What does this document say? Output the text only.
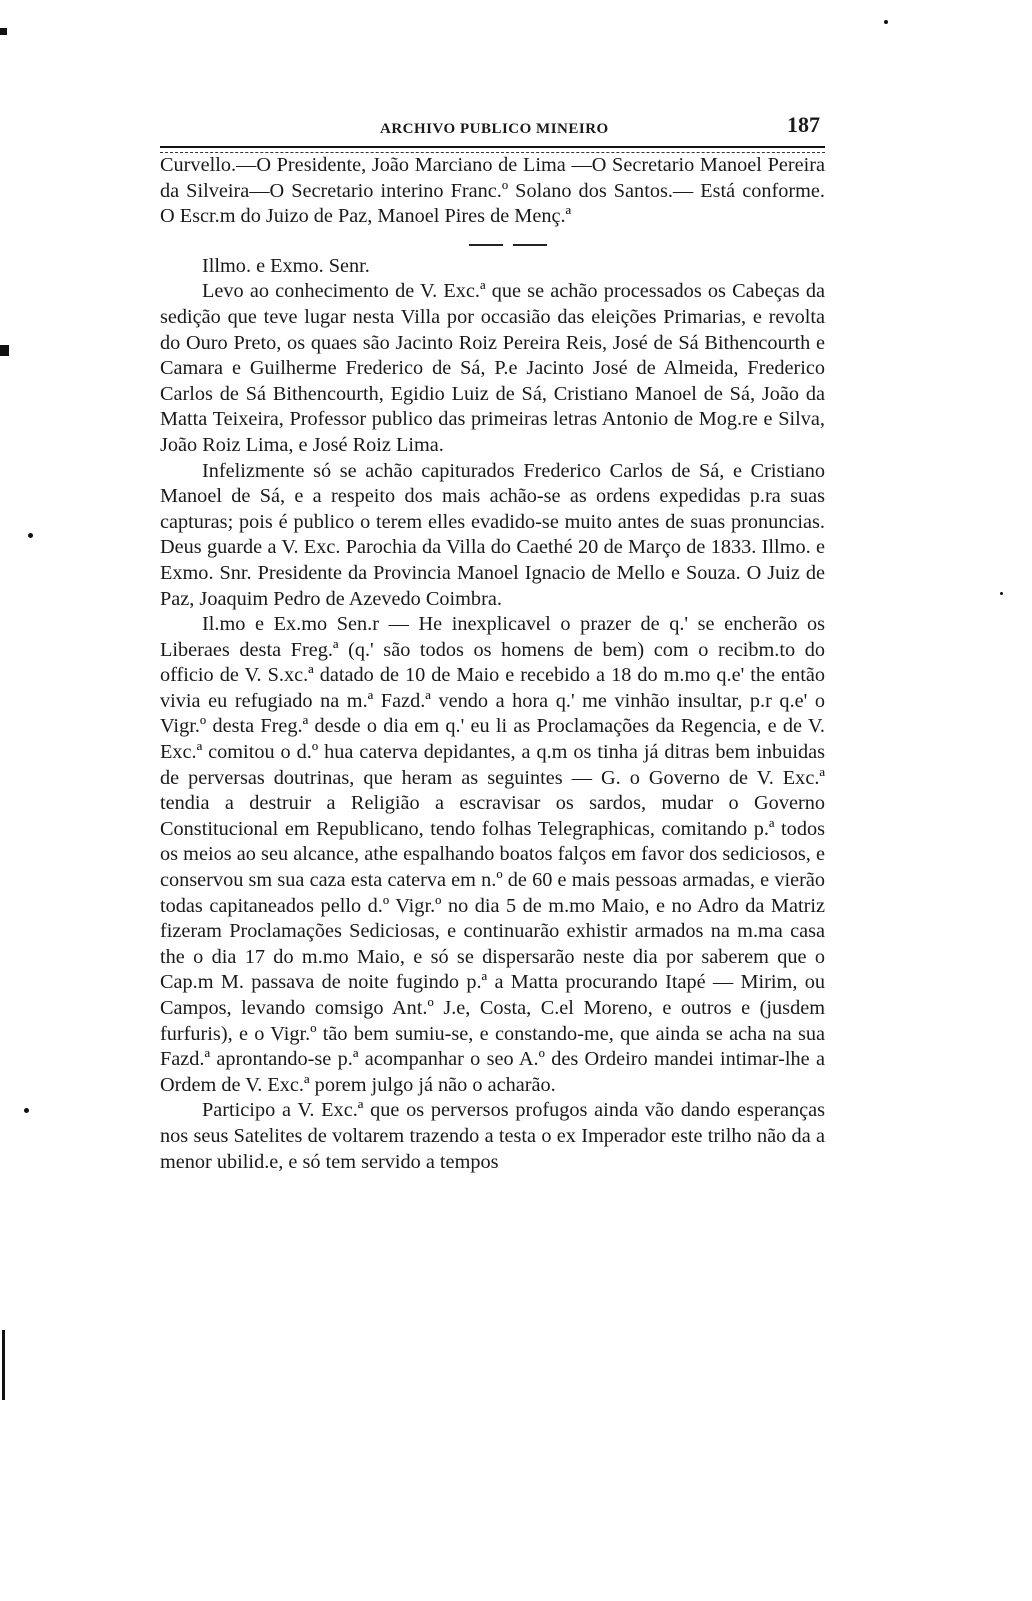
ARCHIVO PUBLICO MINEIRO	187

Curvello.—O Presidente, João Marciano de Lima —O Secretario Manoel Pereira da Silveira—O Secretario interino Franc.º Solano dos Santos.— Está conforme. O Escr.m do Juizo de Paz, Manoel Pires de Menç.ª

Illmo. e Exmo. Senr.

Levo ao conhecimento de V. Exc.ª que se achão processados os Cabeças da sedição que teve lugar nesta Villa por occasião das eleições Primarias, e revolta do Ouro Preto, os quaes são Jacinto Roiz Pereira Reis, José de Sá Bithencourth e Camara e Guilherme Frederico de Sá, P.e Jacinto José de Almeida, Frederico Carlos de Sá Bithencourth, Egidio Luiz de Sá, Cristiano Manoel de Sá, João da Matta Teixeira, Professor publico das primeiras letras Antonio de Mog.re e Silva, João Roiz Lima, e José Roiz Lima.

Infelizmente só se achão capiturados Frederico Carlos de Sá, e Cristiano Manoel de Sá, e a respeito dos mais achão-se as ordens expedidas p.ra suas capturas; pois é publico o terem elles evadido-se muito antes de suas pronuncias. Deus guarde a V. Exc. Parochia da Villa do Caethé 20 de Março de 1833. Illmo. e Exmo. Snr. Presidente da Provincia Manoel Ignacio de Mello e Souza. O Juiz de Paz, Joaquim Pedro de Azevedo Coimbra.

Il.mo e Ex.mo Sen.r — He inexplicavel o prazer de q.' se encherão os Liberaes desta Freg.ª (q.' são todos os homens de bem) com o recibm.to do officio de V. S.xc.ª datado de 10 de Maio e recebido a 18 do m.mo q.e' the então vivia eu refugiado na m.ª Fazd.ª vendo a hora q.' me vinhão insultar, p.r q.e' o Vigr.º desta Freg.ª desde o dia em q.' eu li as Proclamações da Regencia, e de V. Exc.ª comitou o d.º hua caterva depidantes, a q.m os tinha já ditras bem inbuidas de perversas doutrinas, que heram as seguintes — G. o Governo de V. Exc.ª tendia a destruir a Religião a escravisar os sardos, mudar o Governo Constitucional em Republicano, tendo folhas Telegraphicas, comitando p.ª todos os meios ao seu alcance, athe espalhando boatos falços em favor dos sediciosos, e conservou sm sua caza esta caterva em n.º de 60 e mais pessoas armadas, e vierão todas capitaneados pello d.º Vigr.º no dia 5 de m.mo Maio, e no Adro da Matriz fizeram Proclamações Sediciosas, e continuarão exhistir armados na m.ma casa the o dia 17 do m.mo Maio, e só se dispersarão neste dia por saberem que o Cap.m M. passava de noite fugindo p.ª a Matta procurando Itapé — Mirim, ou Campos, levando comsigo Ant.º J.e, Costa, C.el Moreno, e outros e (jusdem furfuris), e o Vigr.º tão bem sumiu-se, e constando-me, que ainda se acha na sua Fazd.ª aprontando-se p.ª acompanhar o seo A.º des Ordeiro mandei intimar-lhe a Ordem de V. Exc.ª porem julgo já não o acharão.

Participo a V. Exc.ª que os perversos profugos ainda vão dando esperanças nos seus Satelites de voltarem trazendo a testa o ex Imperador este trilho não da a menor ubilid.e, e só tem servido a tempos
